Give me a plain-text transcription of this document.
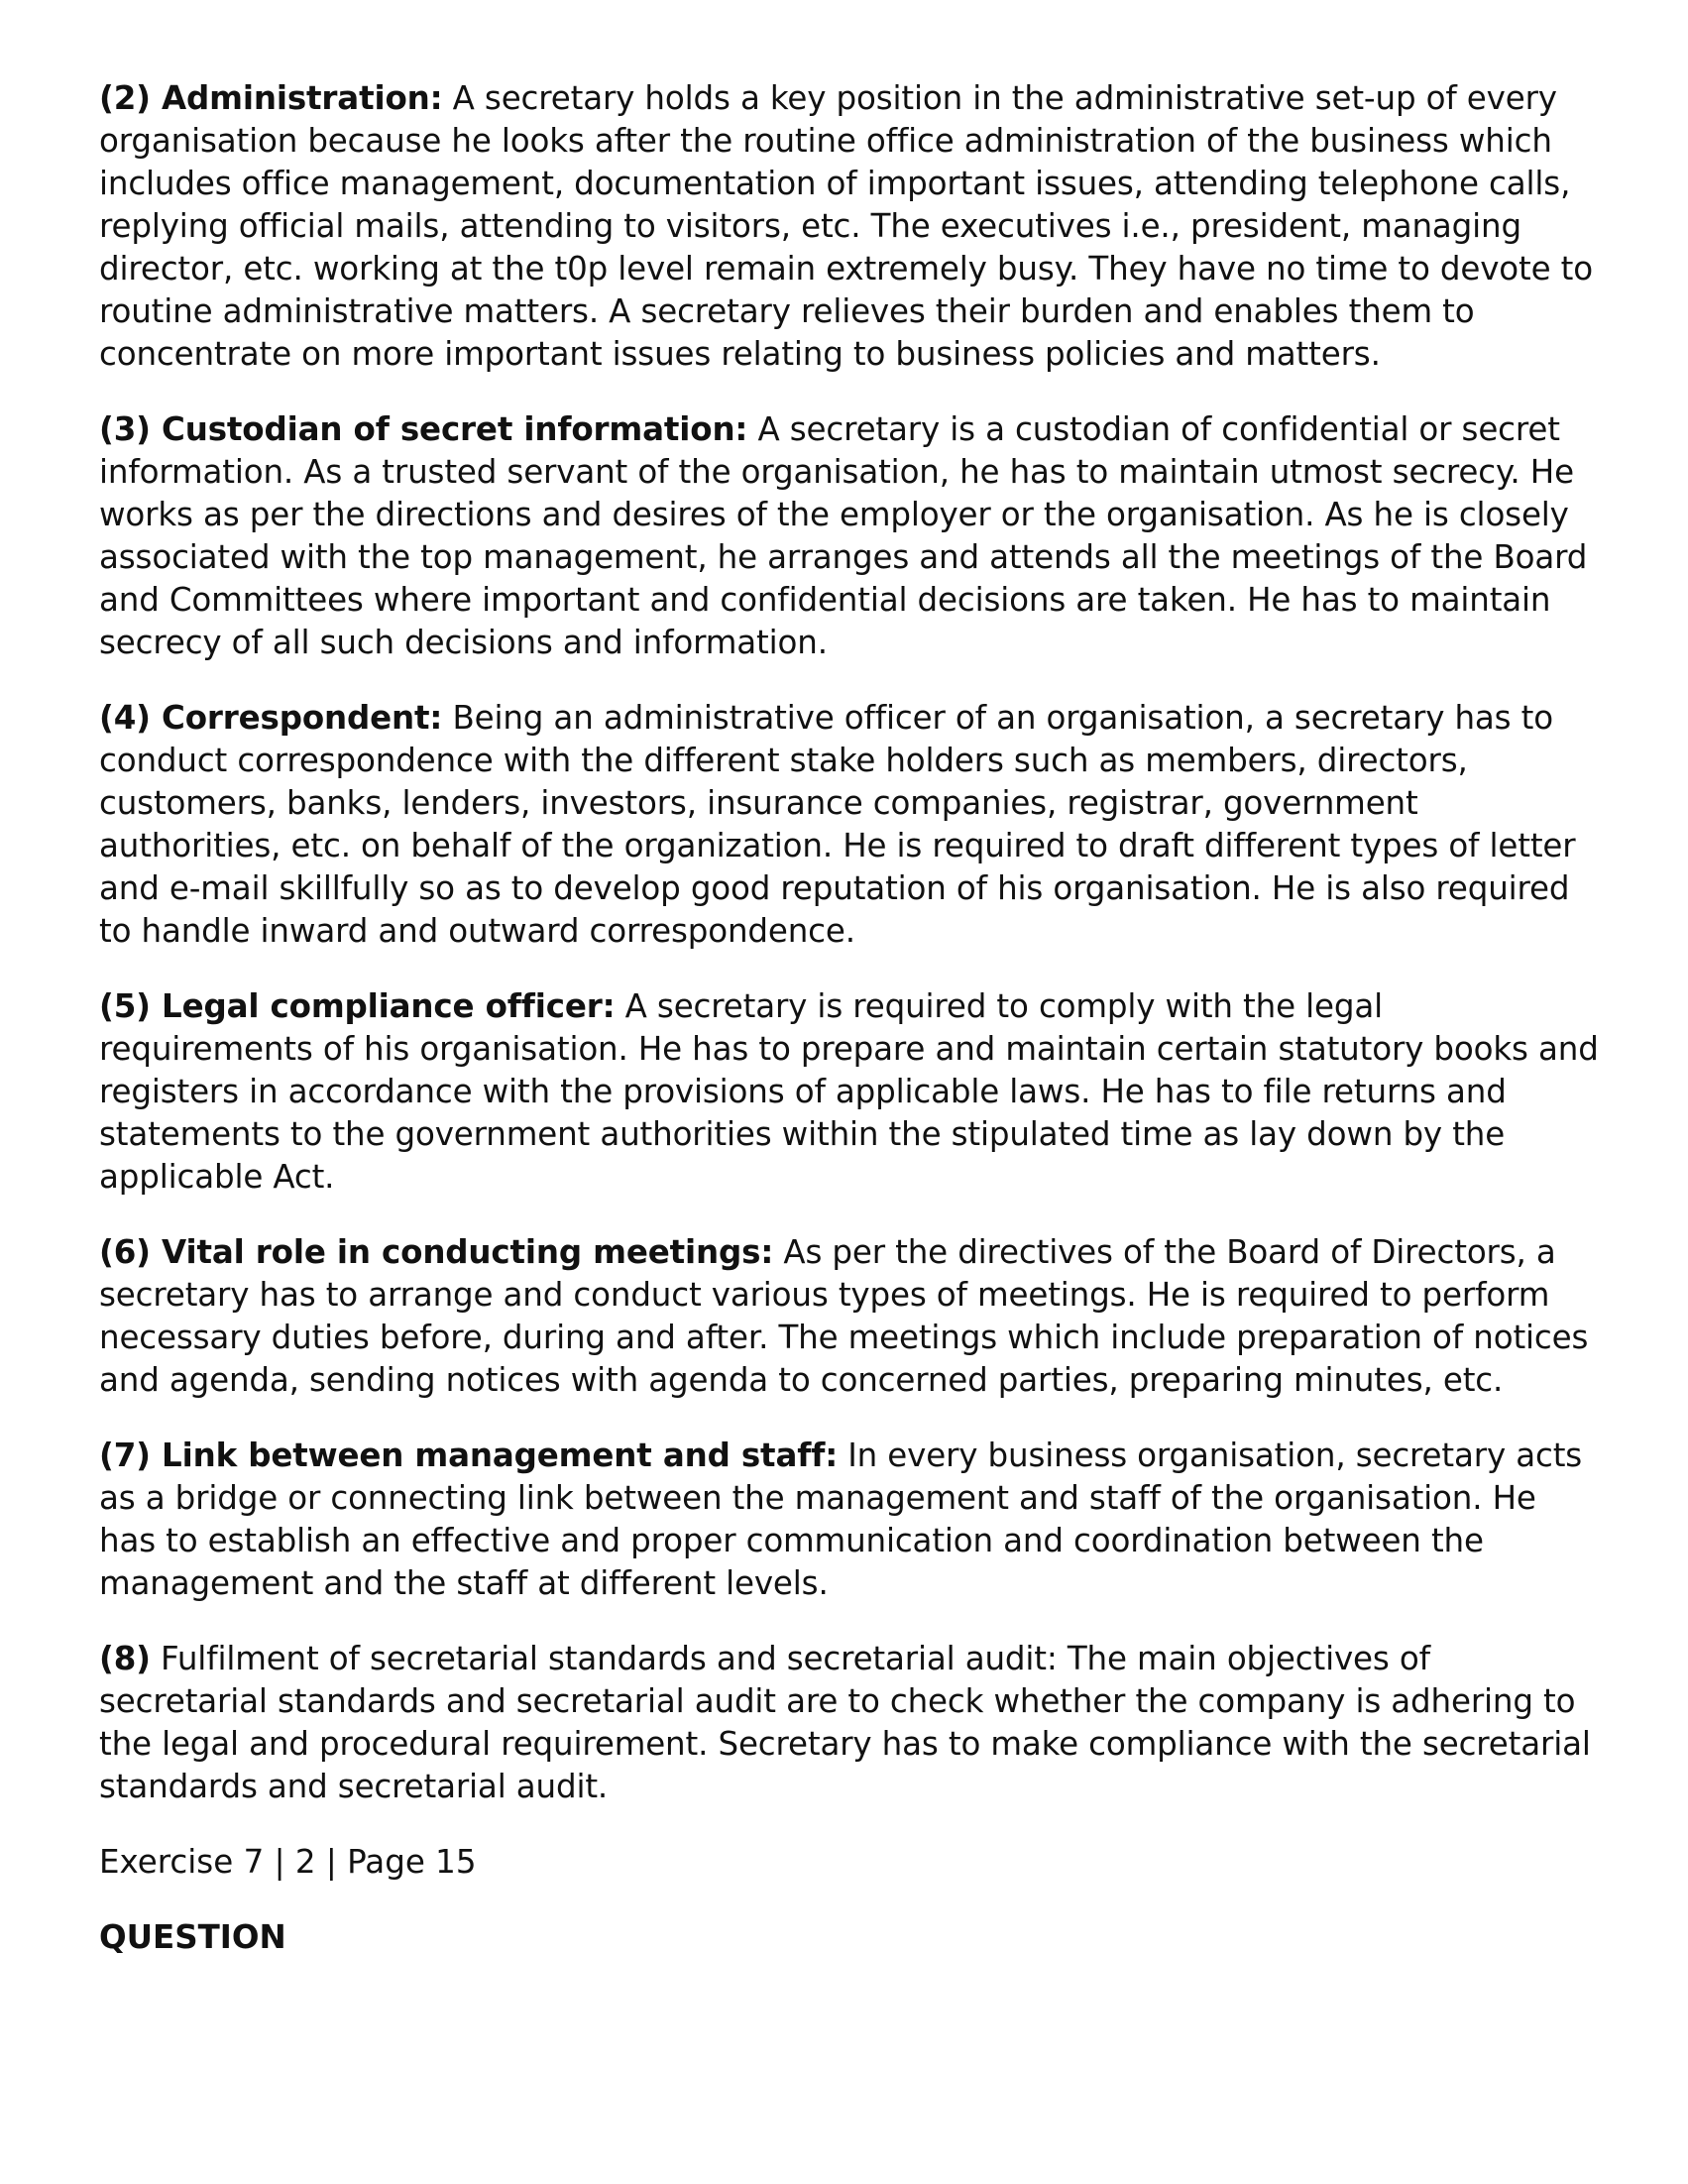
(2) Administration: A secretary holds a key position in the administrative set-up of every organisation because he looks after the routine office administration of the business which includes office management, documentation of important issues, attending telephone calls, replying official mails, attending to visitors, etc. The executives i.e., president, managing director, etc. working at the t0p level remain extremely busy. They have no time to devote to routine administrative matters. A secretary relieves their burden and enables them to concentrate on more important issues relating to business policies and matters.

(3) Custodian of secret information: A secretary is a custodian of confidential or secret information. As a trusted servant of the organisation, he has to maintain utmost secrecy. He works as per the directions and desires of the employer or the organisation. As he is closely associated with the top management, he arranges and attends all the meetings of the Board and Committees where important and confidential decisions are taken. He has to maintain secrecy of all such decisions and information.

(4) Correspondent: Being an administrative officer of an organisation, a secretary has to conduct correspondence with the different stake holders such as members, directors, customers, banks, lenders, investors, insurance companies, registrar, government authorities, etc. on behalf of the organization. He is required to draft different types of letter and e-mail skillfully so as to develop good reputation of his organisation. He is also required to handle inward and outward correspondence.

(5) Legal compliance officer: A secretary is required to comply with the legal requirements of his organisation. He has to prepare and maintain certain statutory books and registers in accordance with the provisions of applicable laws. He has to file returns and statements to the government authorities within the stipulated time as lay down by the applicable Act.

(6) Vital role in conducting meetings: As per the directives of the Board of Directors, a secretary has to arrange and conduct various types of meetings. He is required to perform necessary duties before, during and after. The meetings which include preparation of notices and agenda, sending notices with agenda to concerned parties, preparing minutes, etc.

(7) Link between management and staff: In every business organisation, secretary acts as a bridge or connecting link between the management and staff of the organisation. He has to establish an effective and proper communication and coordination between the management and the staff at different levels.

(8) Fulfilment of secretarial standards and secretarial audit: The main objectives of secretarial standards and secretarial audit are to check whether the company is adhering to the legal and procedural requirement. Secretary has to make compliance with the secretarial standards and secretarial audit.

Exercise 7 | 2 | Page 15

QUESTION
